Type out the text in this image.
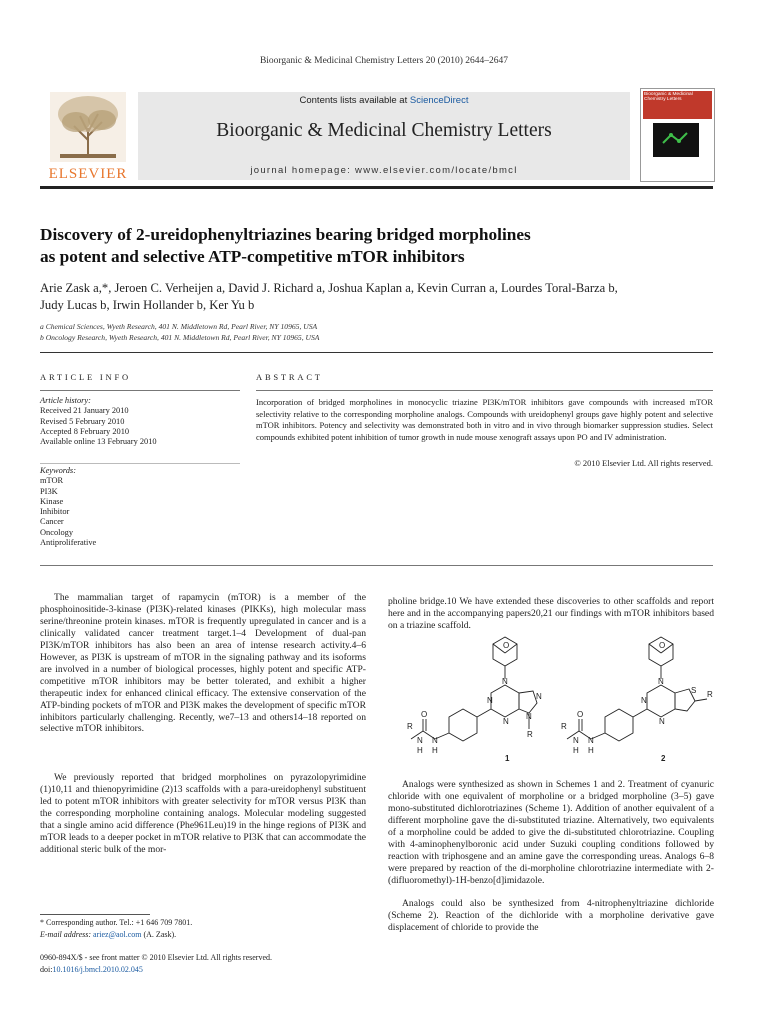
Bioorganic & Medicinal Chemistry Letters 20 (2010) 2644–2647
ELSEVIER
Contents lists available at ScienceDirect
Bioorganic & Medicinal Chemistry Letters
journal homepage: www.elsevier.com/locate/bmcl
Bioorganic & Medicinal Chemistry Letters
Discovery of 2-ureidophenyltriazines bearing bridged morpholines
as potent and selective ATP-competitive mTOR inhibitors
Arie Zask a,*, Jeroen C. Verheijen a, David J. Richard a, Joshua Kaplan a, Kevin Curran a, Lourdes Toral-Barza b,
Judy Lucas b, Irwin Hollander b, Ker Yu b
a Chemical Sciences, Wyeth Research, 401 N. Middletown Rd, Pearl River, NY 10965, USA
b Oncology Research, Wyeth Research, 401 N. Middletown Rd, Pearl River, NY 10965, USA
ARTICLE INFO
Article history:
Received 21 January 2010
Revised 5 February 2010
Accepted 8 February 2010
Available online 13 February 2010
Keywords:
mTOR
PI3K
Kinase
Inhibitor
Cancer
Oncology
Antiproliferative
ABSTRACT
Incorporation of bridged morpholines in monocyclic triazine PI3K/mTOR inhibitors gave compounds with increased mTOR selectivity relative to the corresponding morpholine analogs. Compounds with ureidophenyl groups gave highly potent and selective mTOR inhibitors. Potency and selectivity was demonstrated both in vitro and in vivo through biomarker suppression studies. Select compounds exhibited potent inhibition of tumor growth in nude mouse xenograft assays upon PO and IV administration.
© 2010 Elsevier Ltd. All rights reserved.
The mammalian target of rapamycin (mTOR) is a member of the phosphoinositide-3-kinase (PI3K)-related kinases (PIKKs), high molecular mass serine/threonine protein kinases. mTOR is frequently upregulated in cancer and is a clinically validated cancer treatment target.1–4 Development of dual-pan PI3K/mTOR inhibitors has also been an area of intense research activity.4–6 However, as PI3K is upstream of mTOR in the signaling pathway and its isoforms are involved in a number of biological processes, highly potent and specific ATP-competitive mTOR inhibitors may be better tolerated, and exhibit a higher therapeutic index for enhanced clinical efficacy. The extensive conservation of the ATP-binding pockets of mTOR and PI3K makes the development of specific mTOR inhibitors particularly challenging. Recently, we7–13 and others14–18 reported on selective mTOR inhibitors.
We previously reported that bridged morpholines on pyrazolopyrimidine (1)10,11 and thienopyrimidine (2)13 scaffolds with a para-ureidophenyl substituent led to potent mTOR inhibitors with greater selectivity for mTOR versus PI3K than the corresponding morpholine containing analogs. Molecular modeling suggested that a single amino acid difference (Phe961Leu)19 in the hinge regions of PI3K and mTOR leads to a deeper pocket in mTOR relative to PI3K that can accommodate the additional steric bulk of the mor-
pholine bridge.10 We have extended these discoveries to other scaffolds and report here and in the accompanying papers20,21 our findings with mTOR inhibitors based on a triazine scaffold.
O
N
N
N
N
N
R
O
R
N
H
N
H
1
O
N
N
N
S R
O
R
N
H
N
H
2
Analogs were synthesized as shown in Schemes 1 and 2. Treatment of cyanuric chloride with one equivalent of morpholine or a bridged morpholine (3–5) gave mono-substituted dichlorotriazines (Scheme 1). Addition of another equivalent of a different morpholine gave the di-substituted triazine. Alternatively, two equivalents of a morpholine could be added to give the di-substituted chlorotriazine. Coupling with 4-aminophenylboronic acid under Suzuki coupling conditions followed by reaction with triphosgene and an amine gave the corresponding ureas. Analogs 6–8 were prepared by reaction of the di-morpholine chlorotriazine intermediate with 2-(difluoromethyl)-1H-benzo[d]imidazole.
Analogs could also be synthesized from 4-nitrophenyltriazine dichloride (Scheme 2). Reaction of the dichloride with a morpholine derivative gave displacement of chloride to provide the
* Corresponding author. Tel.: +1 646 709 7801.
E-mail address: ariez@aol.com (A. Zask).
0960-894X/$ - see front matter © 2010 Elsevier Ltd. All rights reserved.
doi:10.1016/j.bmcl.2010.02.045
